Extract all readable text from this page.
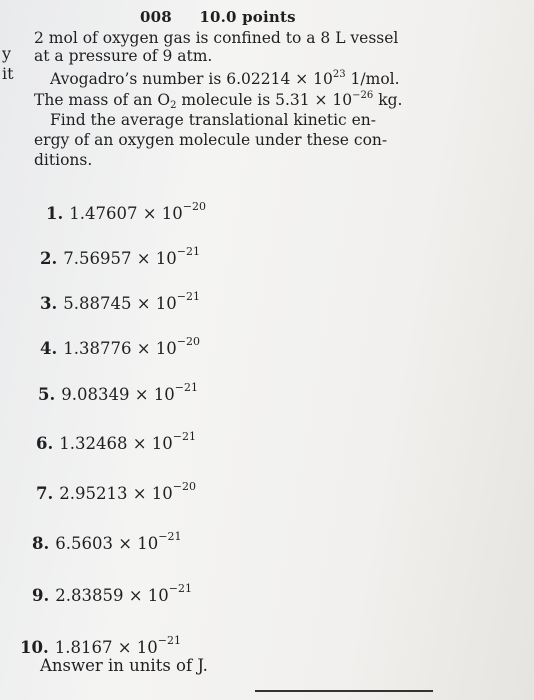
y
it
008 10.0 points
2 mol of oxygen gas is confined to a 8 L vessel
at a pressure of 9 atm.
Avogadro’s number is $6.02214 \times 10^{23}$ 1/mol.
The mass of an $O_2$ molecule is $5.31 \times 10^{-26}$ kg.
Find the average translational kinetic en-
ergy of an oxygen molecule under these con-
ditions.
1. $1.47607 \times 10^{-20}$
2. $7.56957 \times 10^{-21}$
3. $5.88745 \times 10^{-21}$
4. $1.38776 \times 10^{-20}$
5. $9.08349 \times 10^{-21}$
6. $1.32468 \times 10^{-21}$
7. $2.95213 \times 10^{-20}$
8. $6.5603 \times 10^{-21}$
9. $2.83859 \times 10^{-21}$
10. $1.8167 \times 10^{-21}$
Answer in units of J.
